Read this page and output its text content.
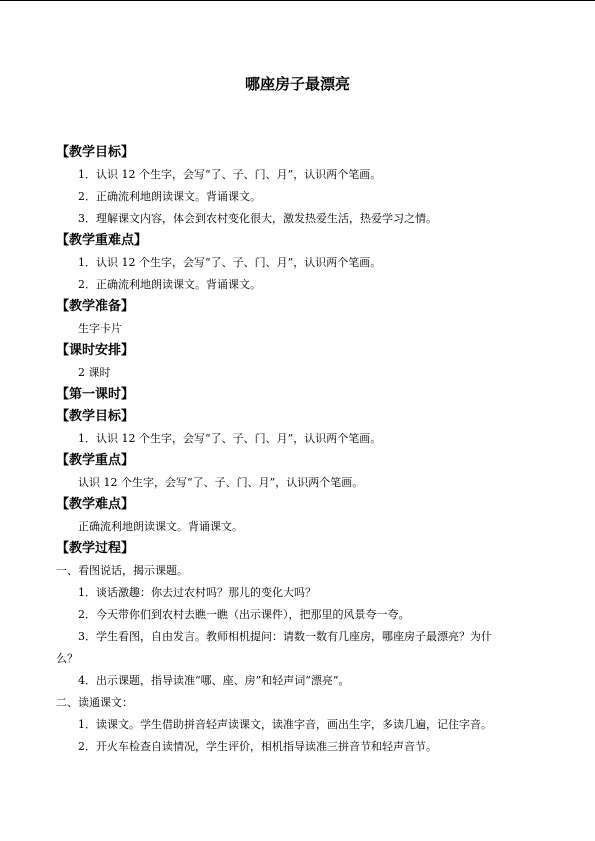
哪座房子最漂亮
【教学目标】
1．认识 12 个生字，会写“了、子、门、月”，认识两个笔画。
2．正确流利地朗读课文。背诵课文。
3．理解课文内容，体会到农村变化很大，激发热爱生活，热爱学习之情。
【教学重难点】
1．认识 12 个生字，会写“了、子、门、月”，认识两个笔画。
2．正确流利地朗读课文。背诵课文。
【教学准备】
生字卡片
【课时安排】
2 课时
【第一课时】
【教学目标】
1．认识 12 个生字，会写“了、子、门、月”，认识两个笔画。
【教学重点】
认识 12 个生字，会写“了、子、门、月”，认识两个笔画。
【教学难点】
正确流利地朗读课文。背诵课文。
【教学过程】
一、看图说话，揭示课题。
1．谈话激趣：你去过农村吗？那儿的变化大吗？
2．今天带你们到农村去瞧一瞧（出示课件），把那里的风景夸一夸。
3．学生看图，自由发言。教师相机提问：请数一数有几座房，哪座房子最漂亮？为什
么？
4．出示课题，指导读准“哪、座、房”和轻声词“漂亮”。
二、读通课文：
1．读课文。学生借助拼音轻声读课文，读准字音，画出生字，多读几遍，记住字音。
2．开火车检查自读情况，学生评价，相机指导读准三拼音节和轻声音节。
